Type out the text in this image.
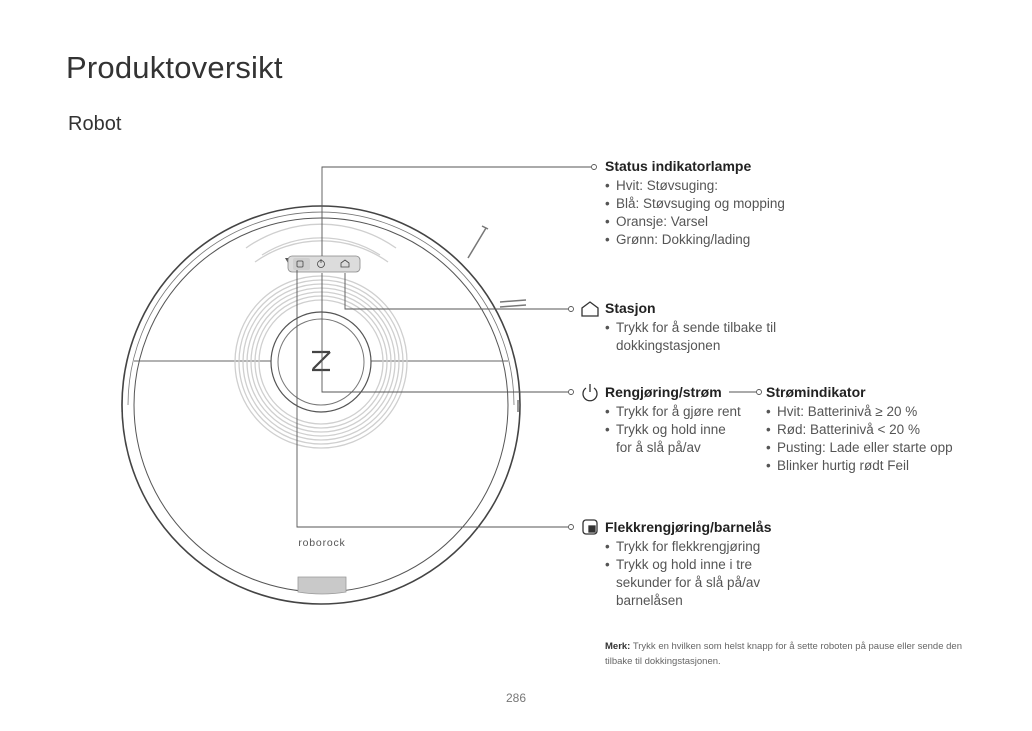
Produktoversikt
Robot
roborock
Status indikatorlampe
• Hvit: Støvsuging:
• Blå: Støvsuging og mopping
• Oransje: Varsel
• Grønn: Dokking/lading
Stasjon
• Trykk for å sende tilbake til dokkingstasjonen
Rengjøring/strøm
• Trykk for å gjøre rent
• Trykk og hold inne for å slå på/av
Strømindikator
• Hvit: Batterinivå ≥ 20 %
• Rød: Batterinivå < 20 %
• Pusting: Lade eller starte opp
• Blinker hurtig rødt Feil
Flekkrengjøring/barnelås
• Trykk for flekkrengjøring
• Trykk og hold inne i tre sekunder for å slå på/av barnelåsen
Merk: Trykk en hvilken som helst knapp for å sette roboten på pause eller sende den tilbake til dokkingstasjonen.
286
